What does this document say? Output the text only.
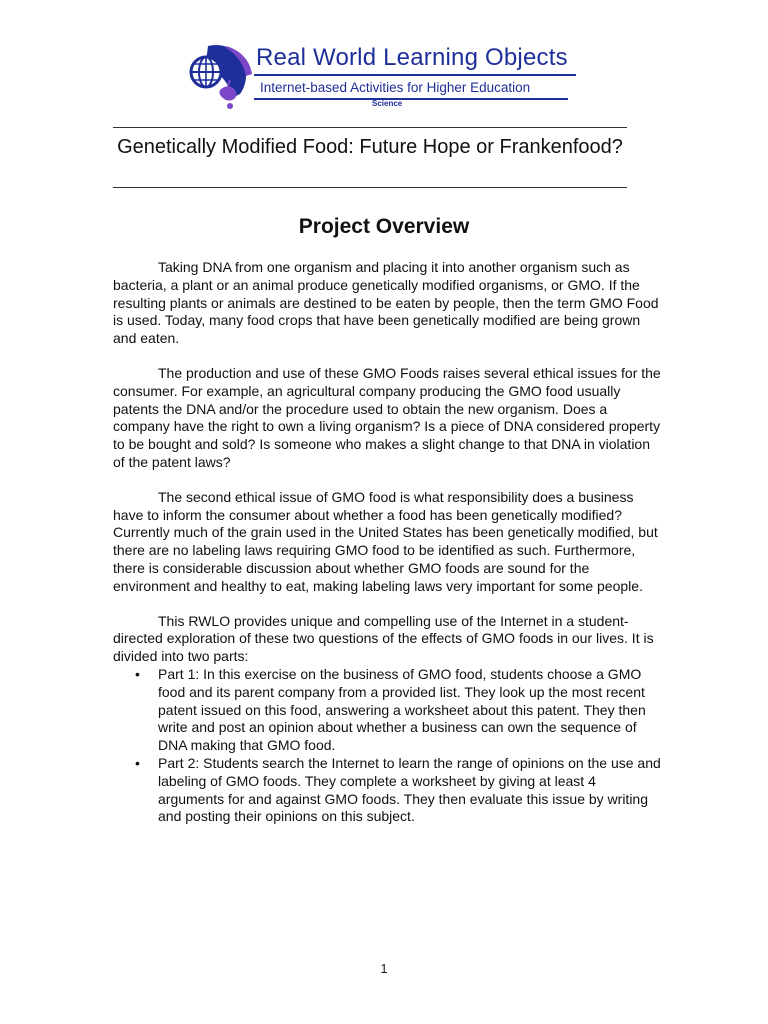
Real World Learning Objects
Internet-based Activities for Higher Education
Science
Genetically Modified Food: Future Hope or Frankenfood?
Project Overview

Taking DNA from one organism and placing it into another organism such as bacteria, a plant or an animal produce genetically modified organisms, or GMO. If the resulting plants or animals are destined to be eaten by people, then the term GMO Food is used. Today, many food crops that have been genetically modified are being grown and eaten.

The production and use of these GMO Foods raises several ethical issues for the consumer. For example, an agricultural company producing the GMO food usually patents the DNA and/or the procedure used to obtain the new organism. Does a company have the right to own a living organism? Is a piece of DNA considered property to be bought and sold? Is someone who makes a slight change to that DNA in violation of the patent laws?

The second ethical issue of GMO food is what responsibility does a business have to inform the consumer about whether a food has been genetically modified? Currently much of the grain used in the United States has been genetically modified, but there are no labeling laws requiring GMO food to be identified as such. Furthermore, there is considerable discussion about whether GMO foods are sound for the environment and healthy to eat, making labeling laws very important for some people.

This RWLO provides unique and compelling use of the Internet in a student-directed exploration of these two questions of the effects of GMO foods in our lives. It is divided into two parts:

• Part 1: In this exercise on the business of GMO food, students choose a GMO food and its parent company from a provided list. They look up the most recent patent issued on this food, answering a worksheet about this patent. They then write and post an opinion about whether a business can own the sequence of DNA making that GMO food.
• Part 2: Students search the Internet to learn the range of opinions on the use and labeling of GMO foods. They complete a worksheet by giving at least 4 arguments for and against GMO foods. They then evaluate this issue by writing and posting their opinions on this subject.
1
